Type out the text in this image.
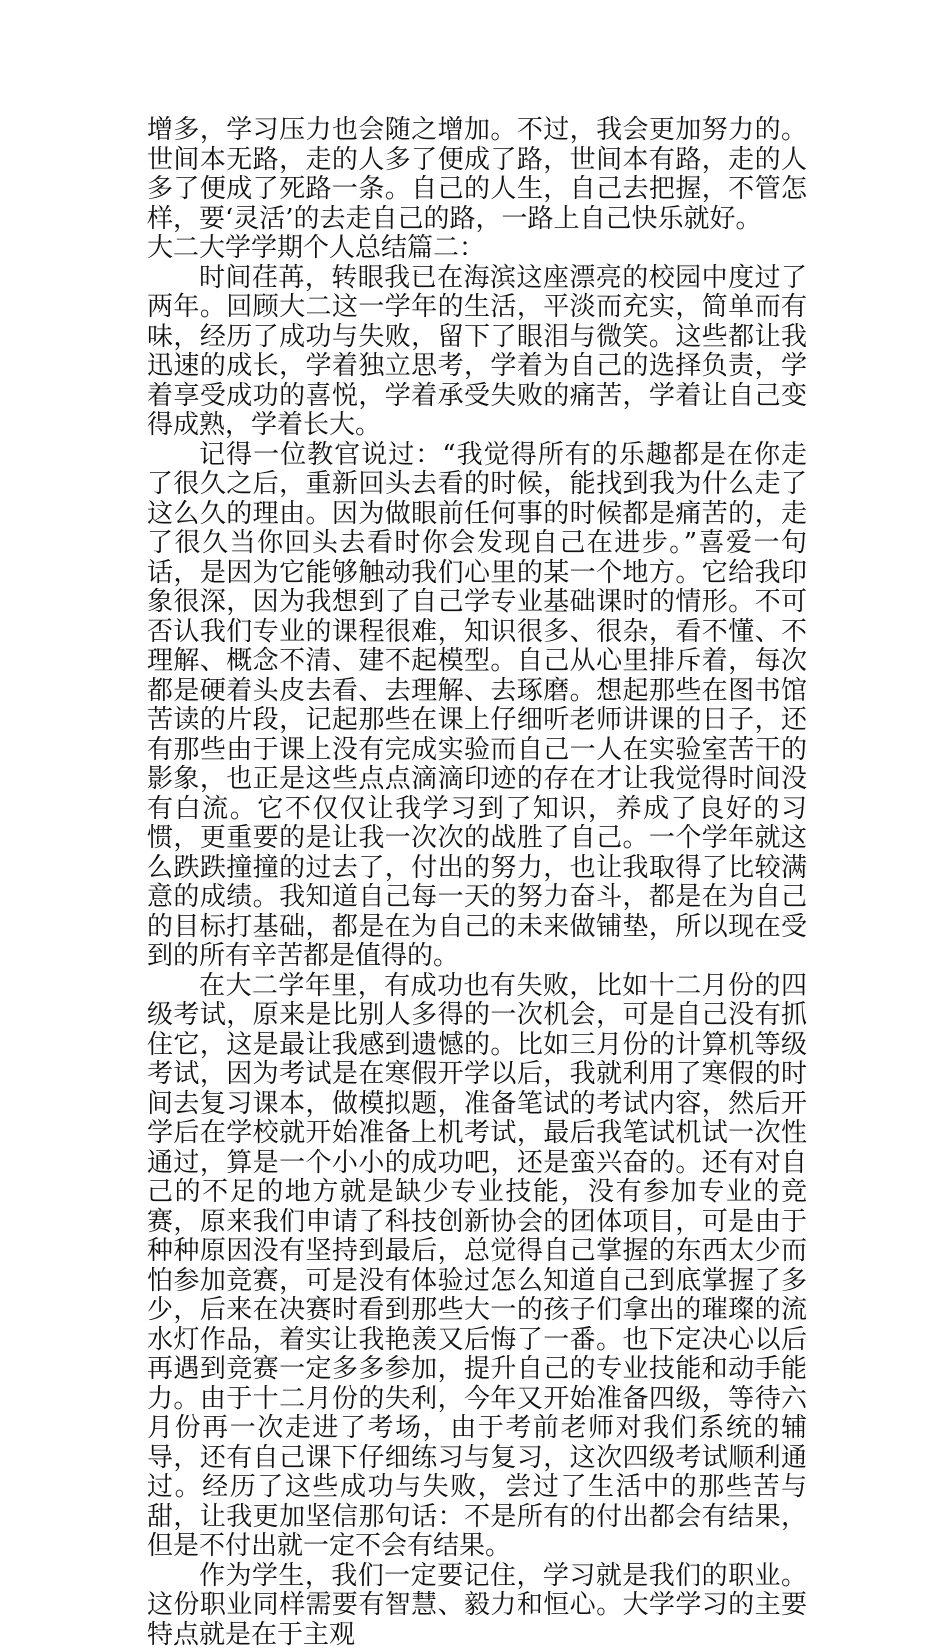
增多，学习压力也会随之增加。不过，我会更加努力的。世间本无路，走的人多了便成了路，世间本有路，走的人多了便成了死路一条。自己的人生，自己去把握，不管怎样，要‘灵活’的去走自己的路，一路上自己快乐就好。

大二大学学期个人总结篇二：

时间荏苒，转眼我已在海滨这座漂亮的校园中度过了两年。回顾大二这一学年的生活，平淡而充实，简单而有味，经历了成功与失败，留下了眼泪与微笑。这些都让我迅速的成长，学着独立思考，学着为自己的选择负责，学着享受成功的喜悦，学着承受失败的痛苦，学着让自己变得成熟，学着长大。

记得一位教官说过：“我觉得所有的乐趣都是在你走了很久之后，重新回头去看的时候，能找到我为什么走了这么久的理由。因为做眼前任何事的时候都是痛苦的，走了很久当你回头去看时你会发现自己在进步。”喜爱一句话，是因为它能够触动我们心里的某一个地方。它给我印象很深，因为我想到了自己学专业基础课时的情形。不可否认我们专业的课程很难，知识很多、很杂，看不懂、不理解、概念不清、建不起模型。自己从心里排斥着，每次都是硬着头皮去看、去理解、去琢磨。想起那些在图书馆苦读的片段，记起那些在课上仔细听老师讲课的日子，还有那些由于课上没有完成实验而自己一人在实验室苦干的影象，也正是这些点点滴滴印迹的存在才让我觉得时间没有白流。它不仅仅让我学习到了知识，养成了良好的习惯，更重要的是让我一次次的战胜了自己。一个学年就这么跌跌撞撞的过去了，付出的努力，也让我取得了比较满意的成绩。我知道自己每一天的努力奋斗，都是在为自己的目标打基础，都是在为自己的未来做铺垫，所以现在受到的所有辛苦都是值得的。

在大二学年里，有成功也有失败，比如十二月份的四级考试，原来是比别人多得的一次机会，可是自己没有抓住它，这是最让我感到遗憾的。比如三月份的计算机等级考试，因为考试是在寒假开学以后，我就利用了寒假的时间去复习课本，做模拟题，准备笔试的考试内容，然后开学后在学校就开始准备上机考试，最后我笔试机试一次性通过，算是一个小小的成功吧，还是蛮兴奋的。还有对自己的不足的地方就是缺少专业技能，没有参加专业的竞赛，原来我们申请了科技创新协会的团体项目，可是由于种种原因没有坚持到最后，总觉得自己掌握的东西太少而怕参加竞赛，可是没有体验过怎么知道自己到底掌握了多少，后来在决赛时看到那些大一的孩子们拿出的璀璨的流水灯作品，着实让我艳羡又后悔了一番。也下定决心以后再遇到竞赛一定多多参加，提升自己的专业技能和动手能力。由于十二月份的失利，今年又开始准备四级，等待六月份再一次走进了考场，由于考前老师对我们系统的辅导，还有自己课下仔细练习与复习，这次四级考试顺利通过。经历了这些成功与失败，尝过了生活中的那些苦与甜，让我更加坚信那句话：不是所有的付出都会有结果，但是不付出就一定不会有结果。

作为学生，我们一定要记住，学习就是我们的职业。这份职业同样需要有智慧、毅力和恒心。大学学习的主要特点就是在于主观
